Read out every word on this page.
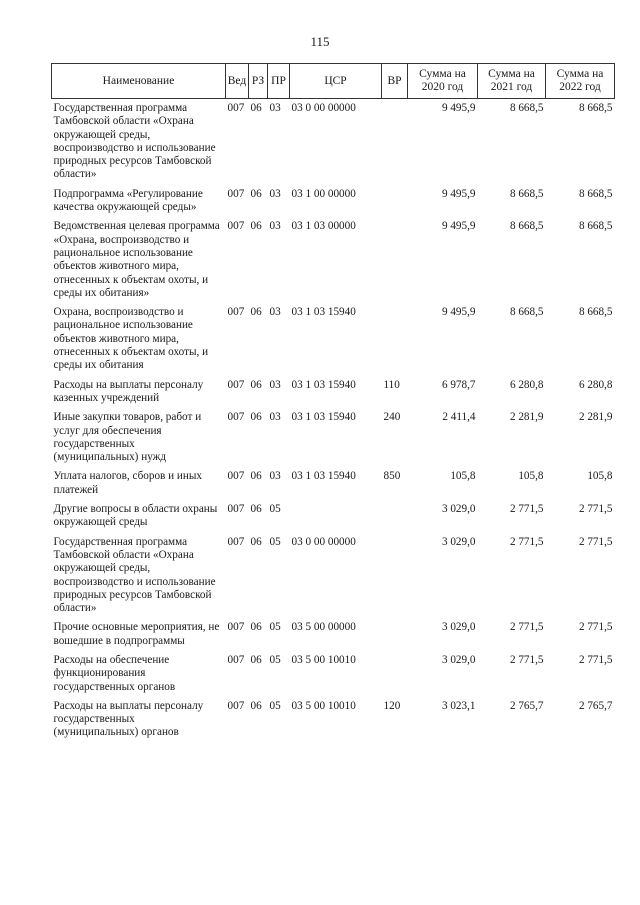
115
Наименование	Вед	РЗ	ПР	ЦСР	ВР	Сумма на 2020 год	Сумма на 2021 год	Сумма на 2022 год
Государственная программа Тамбовской области «Охрана окружающей среды, воспроизводство и использование природных ресурсов Тамбовской области»	007	06	03	03 0 00 00000		9 495,9	8 668,5	8 668,5
Подпрограмма «Регулирование качества окружающей среды»	007	06	03	03 1 00 00000		9 495,9	8 668,5	8 668,5
Ведомственная целевая программа «Охрана, воспроизводство и рациональное использование объектов животного мира, отнесенных к объектам охоты, и среды их обитания»	007	06	03	03 1 03 00000		9 495,9	8 668,5	8 668,5
Охрана, воспроизводство и рациональное использование объектов животного мира, отнесенных к объектам охоты, и среды их обитания	007	06	03	03 1 03 15940		9 495,9	8 668,5	8 668,5
Расходы на выплаты персоналу казенных учреждений	007	06	03	03 1 03 15940	110	6 978,7	6 280,8	6 280,8
Иные закупки товаров, работ и услуг для обеспечения государственных (муниципальных) нужд	007	06	03	03 1 03 15940	240	2 411,4	2 281,9	2 281,9
Уплата налогов, сборов и иных платежей	007	06	03	03 1 03 15940	850	105,8	105,8	105,8
Другие вопросы в области охраны окружающей среды	007	06	05			3 029,0	2 771,5	2 771,5
Государственная программа Тамбовской области «Охрана окружающей среды, воспроизводство и использование природных ресурсов Тамбовской области»	007	06	05	03 0 00 00000		3 029,0	2 771,5	2 771,5
Прочие основные мероприятия, не вошедшие в подпрограммы	007	06	05	03 5 00 00000		3 029,0	2 771,5	2 771,5
Расходы на обеспечение функционирования государственных органов	007	06	05	03 5 00 10010		3 029,0	2 771,5	2 771,5
Расходы на выплаты персоналу государственных (муниципальных) органов	007	06	05	03 5 00 10010	120	3 023,1	2 765,7	2 765,7
